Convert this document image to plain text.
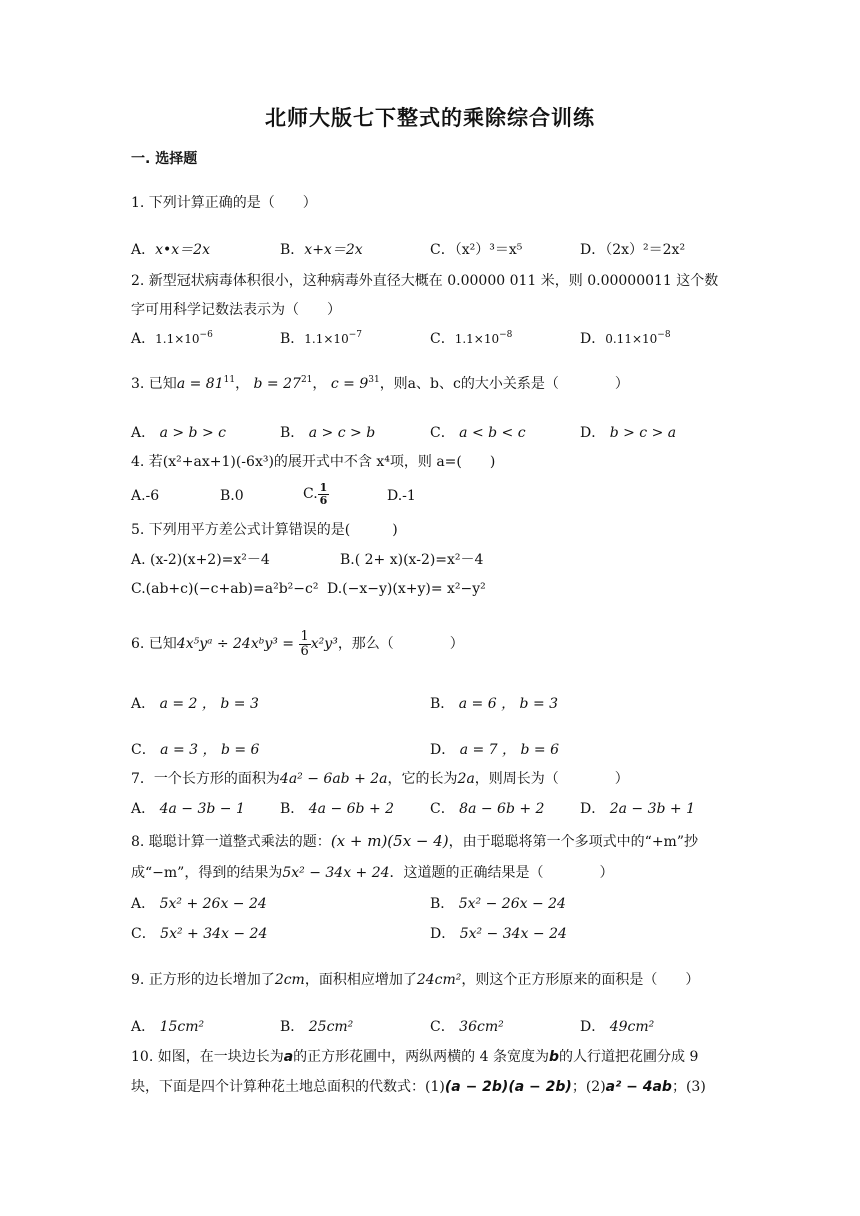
北师大版七下整式的乘除综合训练
一. 选择题
1. 下列计算正确的是（　　）
A．x•x＝2x	B．x+x＝2x	C．（x²）³＝x⁵	D．（2x）²＝2x²
2. 新型冠状病毒体积很小，这种病毒外直径大概在 0.00000 011 米，则 0.00000011 这个数
字可用科学记数法表示为（　　）
A．$1.1\times 10^{-6}$	B．$1.1\times 10^{-7}$	C．$1.1\times 10^{-8}$	D．$0.11\times 10^{-8}$
3. 已知$a = 81^{11}$， $b = 27^{21}$， $c = 9^{31}$，则a、b、c的大小关系是（　　　　）
A． a > b > c	B． a > c > b	C． a < b < c	D． b > c > a
4. 若(x²+ax+1)(-6x³)的展开式中不含 x⁴项，则 a=(　　)
A.-6	B.0	C. $\frac{1}{6}$	D.-1
5. 下列用平方差公式计算错误的是(　　　)
A. (x-2)(x+2)=x²－4	B.( 2+ x)(x-2)=x²－4
C.(ab+c)(−c+ab)=a²b²−c² D.(−x−y)(x+y)= x²−y²
6. 已知4x⁵yᵃ ÷ 24xᵇy³ = $\frac{1}{6} x^2y^3$，那么（　　　　）
A． a = 2 ， b = 3	B． a = 6 ， b = 3
C． a = 3 ， b = 6	D． a = 7 ， b = 6
7．一个长方形的面积为4a² − 6ab + 2a，它的长为2a，则周长为（　　　　）
A． 4a − 3b − 1	B． 4a − 6b + 2	C． 8a − 6b + 2	D． 2a − 3b + 1
8. 聪聪计算一道整式乘法的题：(x + m)(5x − 4)，由于聪聪将第一个多项式中的“+m”抄
成“−m”，得到的结果为5x² − 34x + 24．这道题的正确结果是（　　　　）
A． 5x² + 26x − 24	B． 5x² − 26x − 24
C． 5x² + 34x − 24	D． 5x² − 34x − 24
9. 正方形的边长增加了2cm，面积相应增加了24cm²，则这个正方形原来的面积是（　　）
A． 15cm²	B． 25cm²	C． 36cm²	D． 49cm²
10. 如图，在一块边长为a的正方形花圃中，两纵两横的 4 条宽度为b的人行道把花圃分成 9
块，下面是四个计算种花土地总面积的代数式：(1)(a − 2b)(a − 2b)；(2)a² − 4ab；(3)
